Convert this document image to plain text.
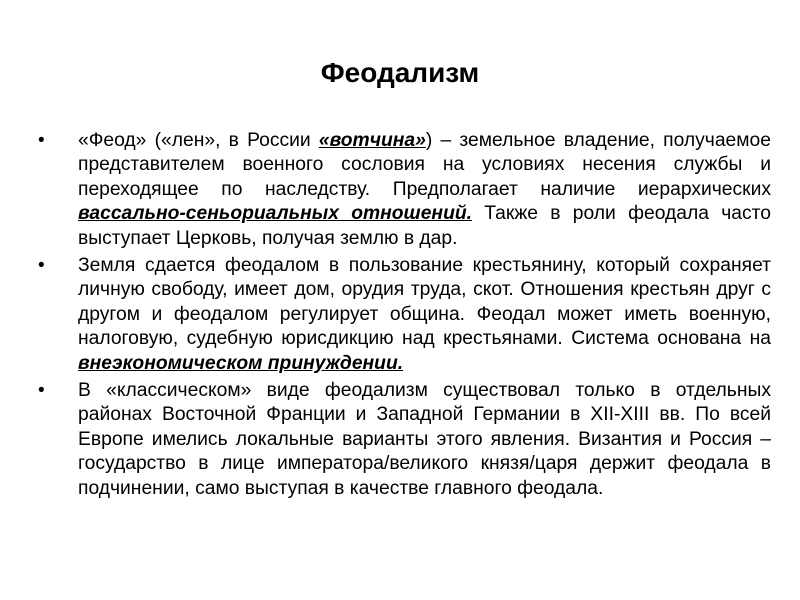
Феодализм
•	«Феод» («лен», в России «вотчина») – земельное владение, получаемое представителем военного сословия на условиях несения службы и переходящее по наследству. Предполагает наличие иерархических вассально-сеньориальных отношений. Также в роли феодала часто выступает Церковь, получая землю в дар.
•	Земля сдается феодалом в пользование крестьянину, который сохраняет личную свободу, имеет дом, орудия труда, скот. Отношения крестьян друг с другом и феодалом регулирует община. Феодал может иметь военную, налоговую, судебную юрисдикцию над крестьянами. Система основана на внеэкономическом принуждении.
•	В «классическом» виде феодализм существовал только в отдельных районах Восточной Франции и Западной Германии в XII-XIII вв. По всей Европе имелись локальные варианты этого явления. Византия и Россия – государство в лице императора/великого князя/царя держит феодала в подчинении, само выступая в качестве главного феодала.
